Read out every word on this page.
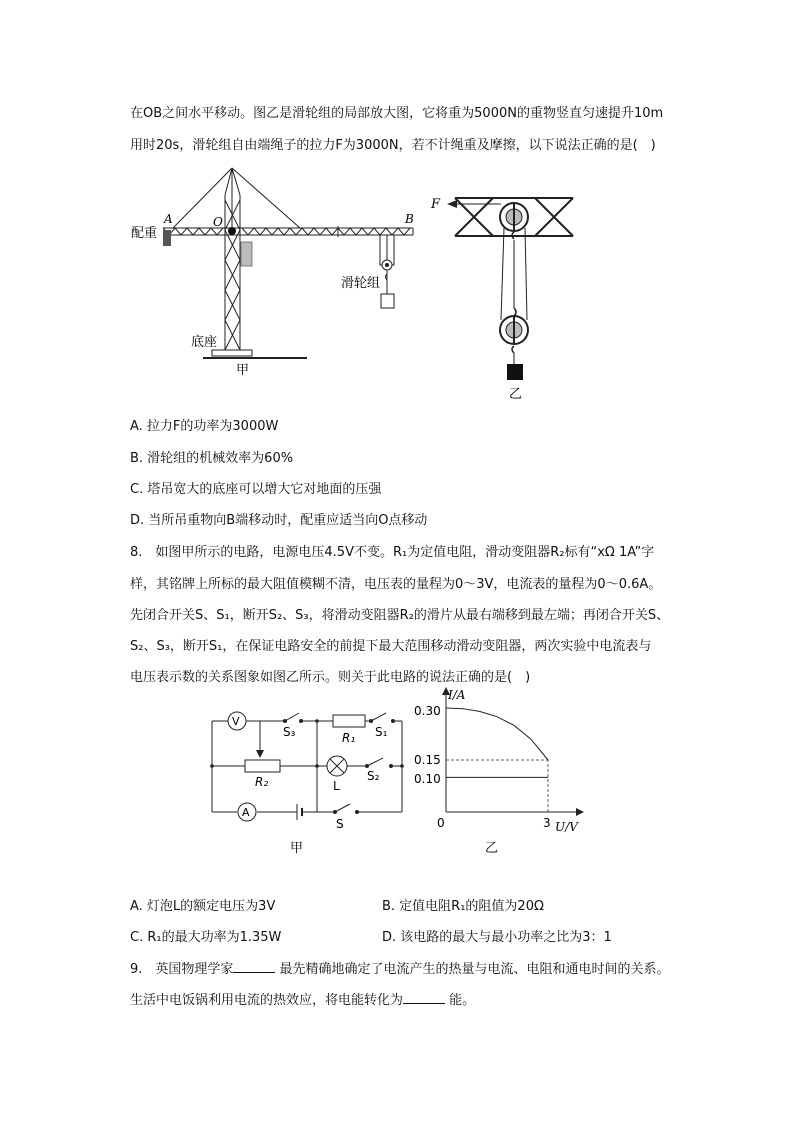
在OB之间水平移动。图乙是滑轮组的局部放大图，它将重为5000N的重物竖直匀速提升10m
用时20s，滑轮组自由端绳子的拉力F为3000N，若不计绳重及摩擦，以下说法正确的是(　)
A	O	B
配重
滑轮组
底座
甲
F
乙
A. 拉力F的功率为3000W
B. 滑轮组的机械效率为60%
C. 塔吊宽大的底座可以增大它对地面的压强
D. 当所吊重物向B端移动时，配重应适当向O点移动
8.　如图甲所示的电路，电源电压4.5V不变。R₁为定值电阻，滑动变阻器R₂标有“xΩ 1A”字
样，其铭牌上所标的最大阻值模糊不清，电压表的量程为0～3V，电流表的量程为0～0.6A。
先闭合开关S、S₁，断开S₂、S₃，将滑动变阻器R₂的滑片从最右端移到最左端；再闭合开关S、
S₂、S₃，断开S₁，在保证电路安全的前提下最大范围移动滑动变阻器，两次实验中电流表与
电压表示数的关系图象如图乙所示。则关于此电路的说法正确的是(　)
V
A
S₃	R₁ S₁
R₂	L
S₂
S
甲
I/A
U/V
0	3
0.30
0.15
0.10
乙
A. 灯泡L的额定电压为3V	B. 定值电阻R₁的阻值为20Ω
C. R₁的最大功率为1.35W	D. 该电路的最大与最小功率之比为3：1
9.　英国物理学家	最先精确地确定了电流产生的热量与电流、电阻和通电时间的关系。
生活中电饭锅利用电流的热效应，将电能转化为	能。
